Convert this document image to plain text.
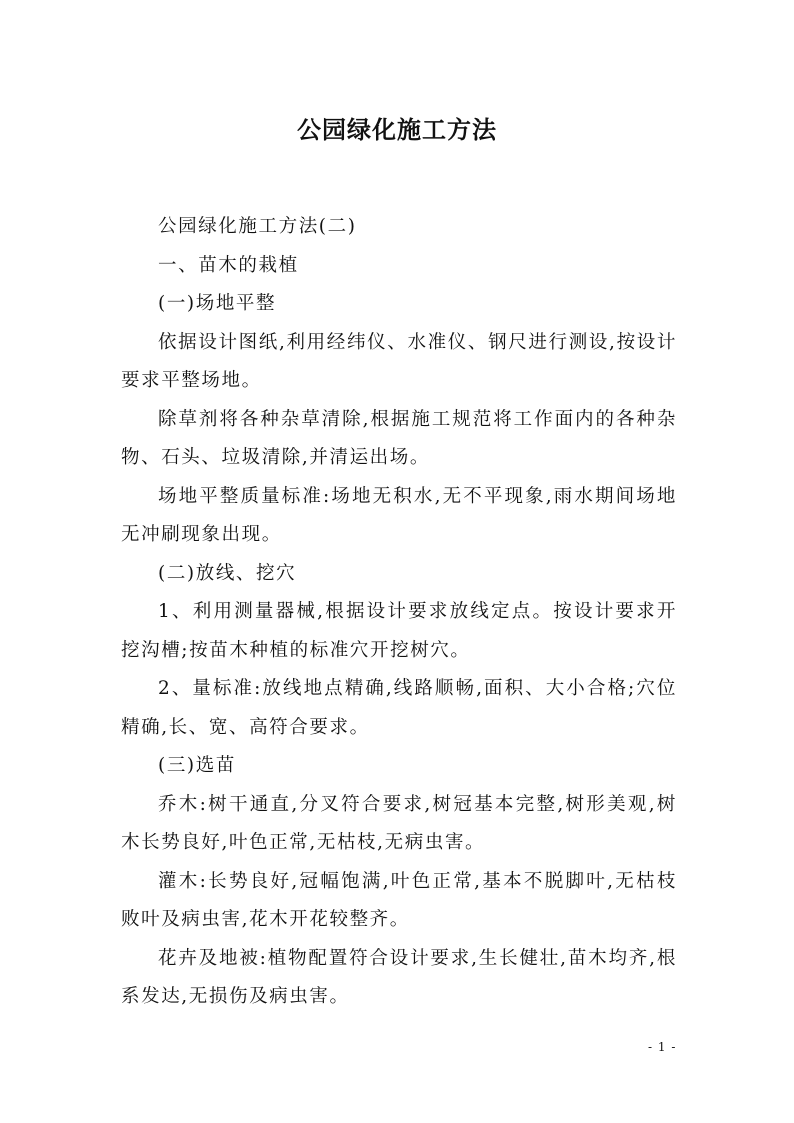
公园绿化施工方法

公园绿化施工方法(二)

一、苗木的栽植

(一)场地平整

依据设计图纸,利用经纬仪、水准仪、钢尺进行测设,按设计要求平整场地。

除草剂将各种杂草清除,根据施工规范将工作面内的各种杂物、石头、垃圾清除,并清运出场。

场地平整质量标准:场地无积水,无不平现象,雨水期间场地无冲刷现象出现。

(二)放线、挖穴

1、利用测量器械,根据设计要求放线定点。按设计要求开挖沟槽;按苗木种植的标准穴开挖树穴。

2、量标准:放线地点精确,线路顺畅,面积、大小合格;穴位精确,长、宽、高符合要求。

(三)选苗

乔木:树干通直,分叉符合要求,树冠基本完整,树形美观,树木长势良好,叶色正常,无枯枝,无病虫害。

灌木:长势良好,冠幅饱满,叶色正常,基本不脱脚叶,无枯枝败叶及病虫害,花木开花较整齐。

花卉及地被:植物配置符合设计要求,生长健壮,苗木均齐,根系发达,无损伤及病虫害。

- 1 -
